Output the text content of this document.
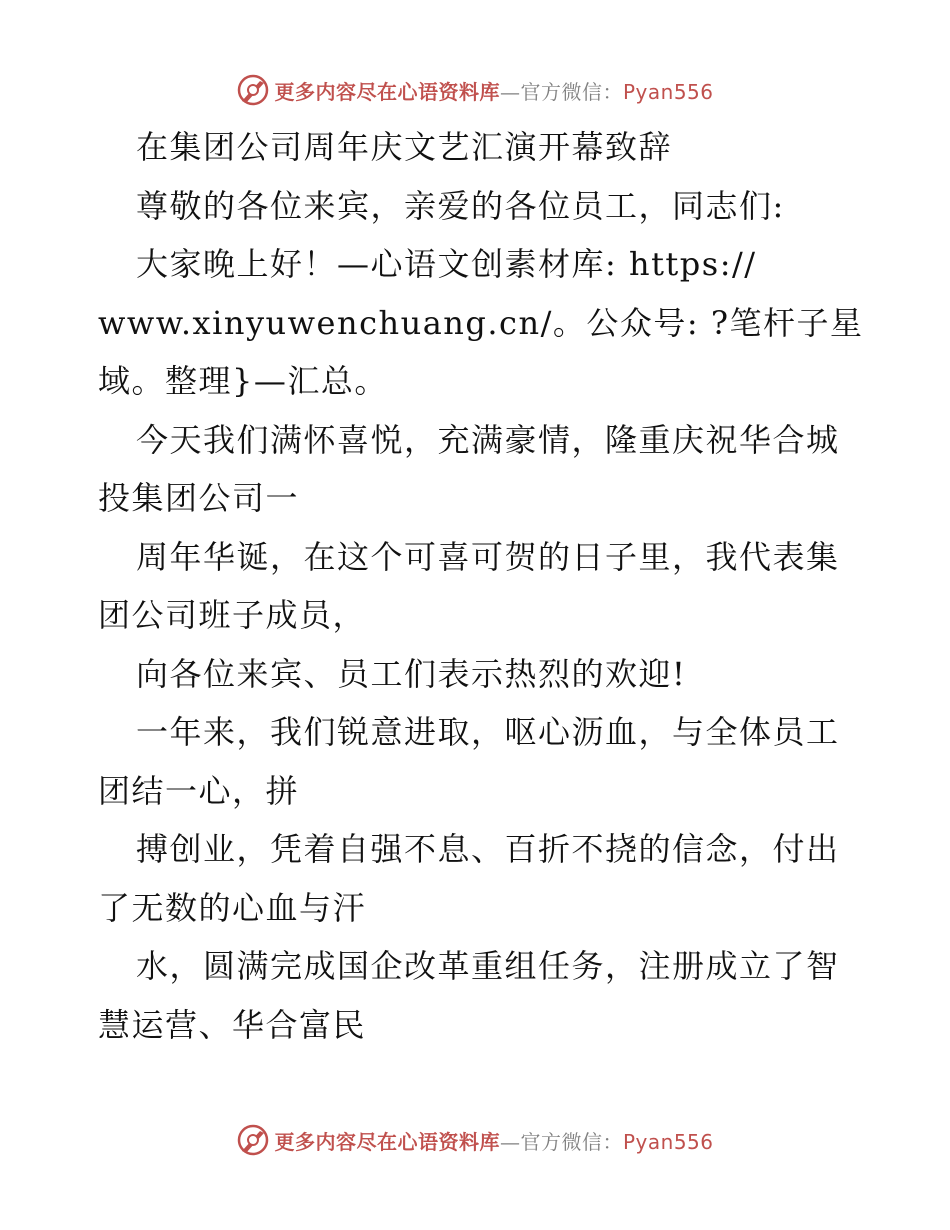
更多内容尽在心语资料库—官方微信：Pyan556
在集团公司周年庆文艺汇演开幕致辞
尊敬的各位来宾，亲爱的各位员工，同志们:
大家晚上好！—心语文创素材库: https://
www.xinyuwenchuang.cn/。公众号: ?笔杆子星
域。整理}—汇总。
今天我们满怀喜悦，充满豪情，隆重庆祝华合城
投集团公司一
周年华诞，在这个可喜可贺的日子里，我代表集
团公司班子成员，
向各位来宾、员工们表示热烈的欢迎!
一年来，我们锐意进取，呕心沥血，与全体员工
团结一心，拼
搏创业，凭着自强不息、百折不挠的信念，付出
了无数的心血与汗
水，圆满完成国企改革重组任务，注册成立了智
慧运营、华合富民
更多内容尽在心语资料库—官方微信：Pyan556
